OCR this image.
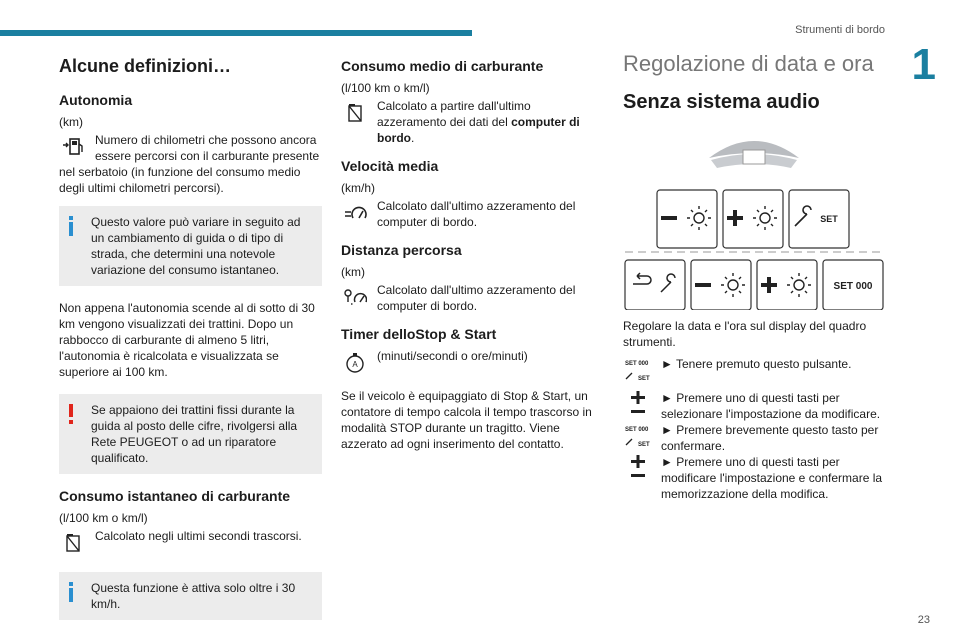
Strumenti di bordo
1
23
Alcune definizioni…
Autonomia
(km)
Numero di chilometri che possono ancora essere percorsi con il carburante presente
nel serbatoio (in funzione del consumo medio degli ultimi chilometri percorsi).

Questo valore può variare in seguito ad un cambiamento di guida o di tipo di strada, che determini una notevole variazione del consumo istantaneo.

Non appena l'autonomia scende al di sotto di 30 km vengono visualizzati dei trattini. Dopo un rabbocco di carburante di almeno 5 litri, l'autonomia è ricalcolata e visualizzata se superiore ai 100 km.

Se appaiono dei trattini fissi durante la guida al posto delle cifre, rivolgersi alla Rete PEUGEOT o ad un riparatore qualificato.

Consumo istantaneo di carburante
(l/100 km o km/l)
Calcolato negli ultimi secondi trascorsi.

Questa funzione è attiva solo oltre i 30 km/h.

Consumo medio di carburante
(l/100 km o km/l)
Calcolato a partire dall'ultimo azzeramento dei dati del computer di bordo.
Velocità media
(km/h)
Calcolato dall'ultimo azzeramento del computer di bordo.
Distanza percorsa
(km)
Calcolato dall'ultimo azzeramento del computer di bordo.
Timer delloStop & Start
A
(minuti/secondi o ore/minuti)
Se il veicolo è equipaggiato di Stop & Start, un contatore di tempo calcola il tempo trascorso in modalità STOP durante un tragitto. Viene azzerato ad ogni inserimento del contatto.
Regolazione di data e ora
Senza sistema audio
SET
SET 000
Regolare la data e l'ora sul display del quadro strumenti.
SET 000
SET
► Tenere premuto questo pulsante.
► Premere uno di questi tasti per selezionare l'impostazione da modificare.
SET 000
SET
► Premere brevemente questo tasto per confermare.
► Premere uno di questi tasti per modificare l'impostazione e confermare la memorizzazione della modifica.
